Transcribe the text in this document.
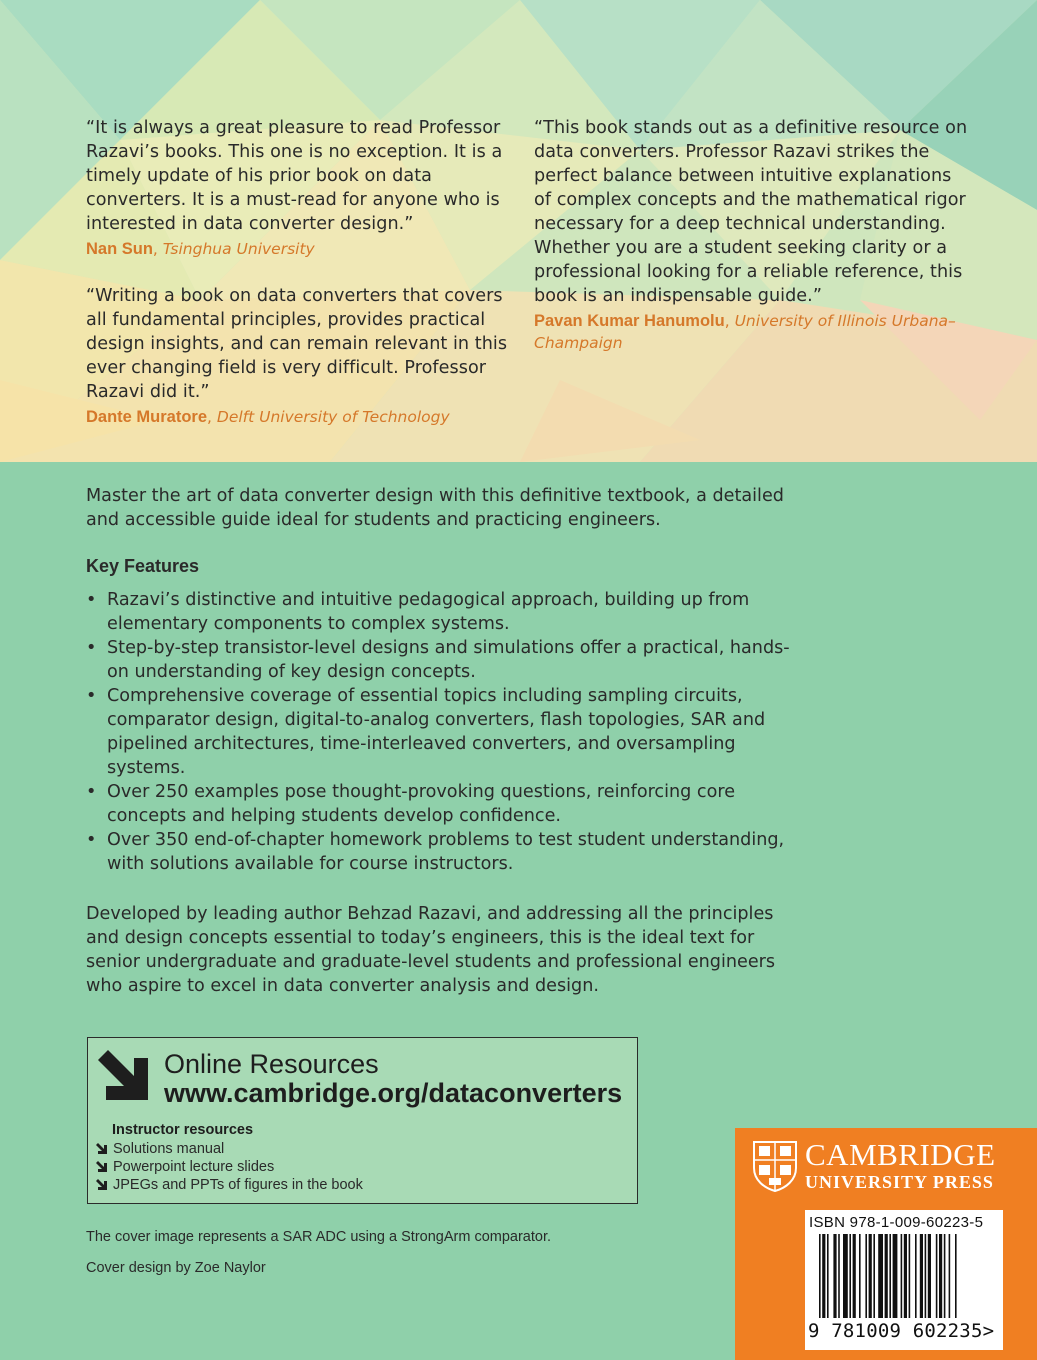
“It is always a great pleasure to read Professor Razavi’s books. This one is no exception. It is a timely update of his prior book on data converters. It is a must-read for anyone who is interested in data converter design.”

Nan Sun, Tsinghua University

“Writing a book on data converters that covers all fundamental principles, provides practical design insights, and can remain relevant in this ever changing field is very difficult. Professor Razavi did it.”

Dante Muratore, Delft University of Technology

“This book stands out as a definitive resource on data converters. Professor Razavi strikes the perfect balance between intuitive explanations of complex concepts and the mathematical rigor necessary for a deep technical understanding. Whether you are a student seeking clarity or a professional looking for a reliable reference, this book is an indispensable guide.”

Pavan Kumar Hanumolu, University of Illinois Urbana–Champaign

Master the art of data converter design with this definitive textbook, a detailed and accessible guide ideal for students and practicing engineers.

Key Features
• Razavi’s distinctive and intuitive pedagogical approach, building up from elementary components to complex systems.
• Step-by-step transistor-level designs and simulations offer a practical, hands-on understanding of key design concepts.
• Comprehensive coverage of essential topics including sampling circuits, comparator design, digital-to-analog converters, flash topologies, SAR and pipelined architectures, time-interleaved converters, and oversampling systems.
• Over 250 examples pose thought-provoking questions, reinforcing core concepts and helping students develop confidence.
• Over 350 end-of-chapter homework problems to test student understanding, with solutions available for course instructors.

Developed by leading author Behzad Razavi, and addressing all the principles and design concepts essential to today’s engineers, this is the ideal text for senior undergraduate and graduate-level students and professional engineers who aspire to excel in data converter analysis and design.

Online Resources
www.cambridge.org/dataconverters
Instructor resources
Solutions manual
Powerpoint lecture slides
JPEGs and PPTs of figures in the book
The cover image represents a SAR ADC using a StrongArm comparator.
Cover design by Zoe Naylor
CAMBRIDGE
UNIVERSITY PRESS
ISBN 978-1-009-60223-5
9 781009 602235>
